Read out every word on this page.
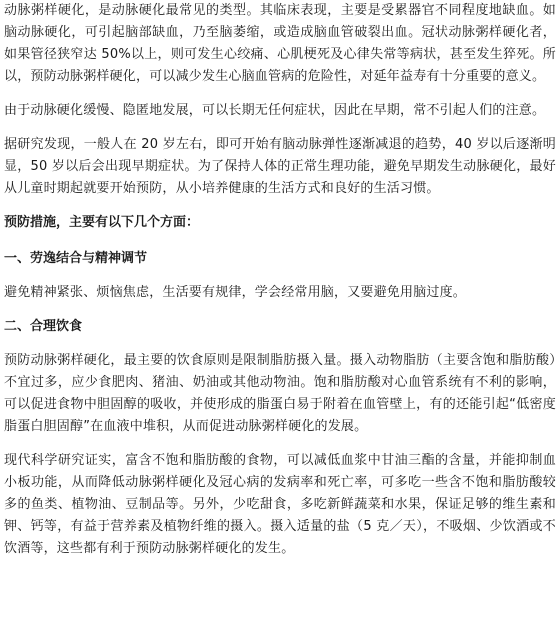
动脉粥样硬化，是动脉硬化最常见的类型。其临床表现，主要是受累器官不同程度地缺血。如脑动脉硬化，可引起脑部缺血，乃至脑萎缩，或造成脑血管破裂出血。冠状动脉粥样硬化者，如果管径狭窄达 50%以上，则可发生心绞痛、心肌梗死及心律失常等病状，甚至发生猝死。所以，预防动脉粥样硬化，可以减少发生心脑血管病的危险性，对延年益寿有十分重要的意义。

由于动脉硬化缓慢、隐匿地发展，可以长期无任何症状，因此在早期，常不引起人们的注意。

据研究发现，一般人在 20 岁左右，即可开始有脑动脉弹性逐渐减退的趋势，40 岁以后逐渐明显，50 岁以后会出现早期症状。为了保持人体的正常生理功能，避免早期发生动脉硬化，最好从儿童时期起就要开始预防，从小培养健康的生活方式和良好的生活习惯。

预防措施，主要有以下几个方面：

一、劳逸结合与精神调节

避免精神紧张、烦恼焦虑，生活要有规律，学会经常用脑，又要避免用脑过度。

二、合理饮食

预防动脉粥样硬化，最主要的饮食原则是限制脂肪摄入量。摄入动物脂肪（主要含饱和脂肪酸）不宜过多，应少食肥肉、猪油、奶油或其他动物油。饱和脂肪酸对心血管系统有不利的影响，可以促进食物中胆固醇的吸收，并使形成的脂蛋白易于附着在血管壁上，有的还能引起“低密度脂蛋白胆固醇”在血液中堆积，从而促进动脉粥样硬化的发展。

现代科学研究证实，富含不饱和脂肪酸的食物，可以减低血浆中甘油三酯的含量，并能抑制血小板功能，从而降低动脉粥样硬化及冠心病的发病率和死亡率，可多吃一些含不饱和脂肪酸较多的鱼类、植物油、豆制品等。另外，少吃甜食，多吃新鲜蔬菜和水果，保证足够的维生素和钾、钙等，有益于营养素及植物纤维的摄入。摄入适量的盐（5 克／天），不吸烟、少饮酒或不饮酒等，这些都有利于预防动脉粥样硬化的发生。
